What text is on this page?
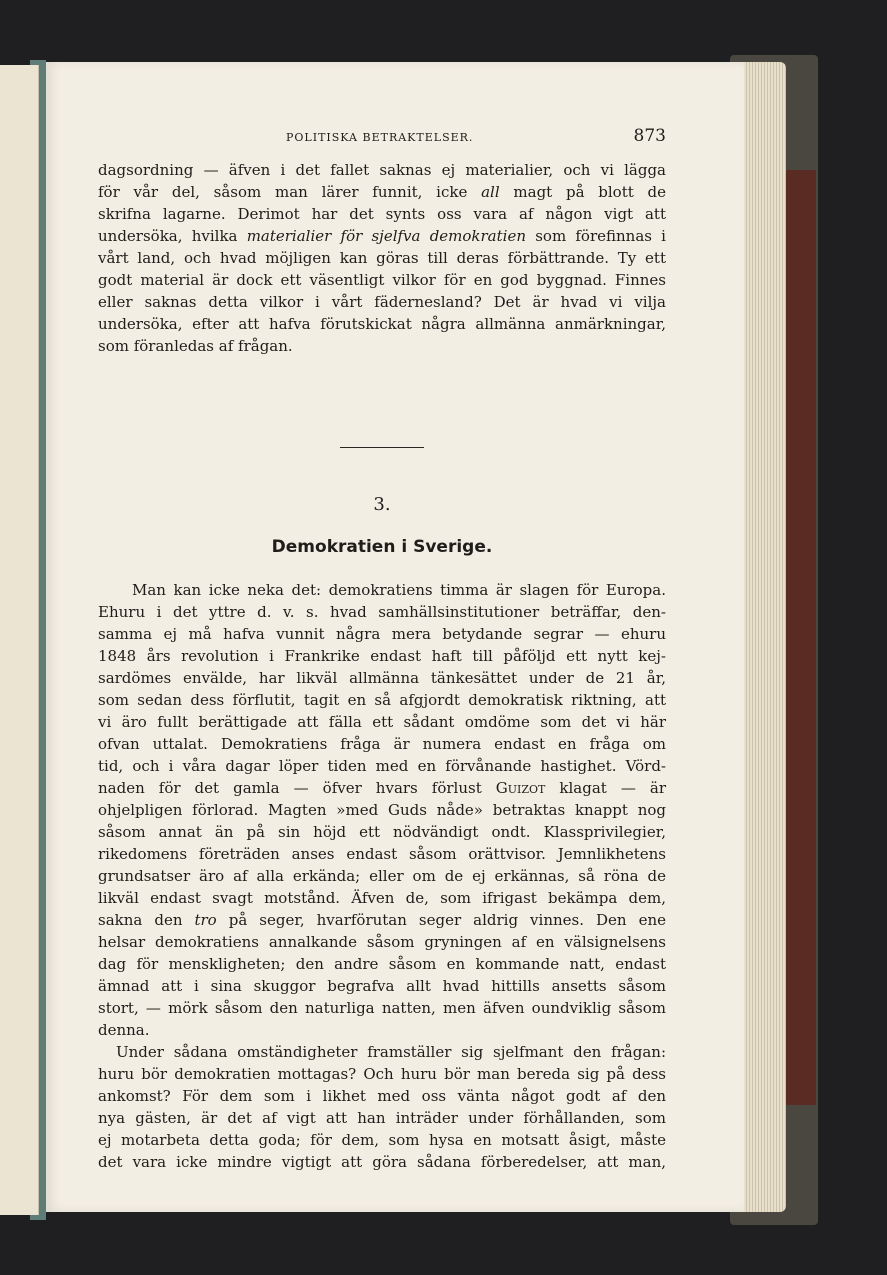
POLITISKA BETRAKTELSER.	873
dagsordning — äfven i det fallet saknas ej materialier, och vi lägga
för vår del, såsom man lärer funnit, icke all magt på blott de
skrifna lagarne. Derimot har det synts oss vara af någon vigt att
undersöka, hvilka materialier för sjelfva demokratien som förefinnas i
vårt land, och hvad möjligen kan göras till deras förbättrande. Ty ett
godt material är dock ett väsentligt vilkor för en god byggnad. Finnes
eller saknas detta vilkor i vårt fädernesland? Det är hvad vi vilja
undersöka, efter att hafva förutskickat några allmänna anmärkningar,
som föranledas af frågan.
3.
Demokratien i Sverige.
Man kan icke neka det: demokratiens timma är slagen för Europa.
Ehuru i det yttre d. v. s. hvad samhällsinstitutioner beträffar, den-
samma ej må hafva vunnit några mera betydande segrar — ehuru
1848 års revolution i Frankrike endast haft till påföljd ett nytt kej-
sardömes envälde, har likväl allmänna tänkesättet under de 21 år,
som sedan dess förflutit, tagit en så afgjordt demokratisk riktning, att
vi äro fullt berättigade att fälla ett sådant omdöme som det vi här
ofvan uttalat. Demokratiens fråga är numera endast en fråga om
tid, och i våra dagar löper tiden med en förvånande hastighet. Vörd-
naden för det gamla — öfver hvars förlust Guizot klagat — är
ohjelpligen förlorad. Magten »med Guds nåde» betraktas knappt nog
såsom annat än på sin höjd ett nödvändigt ondt. Klassprivilegier,
rikedomens företräden anses endast såsom orättvisor. Jemnlikhetens
grundsatser äro af alla erkända; eller om de ej erkännas, så röna de
likväl endast svagt motstånd. Äfven de, som ifrigast bekämpa dem,
sakna den tro på seger, hvarförutan seger aldrig vinnes. Den ene
helsar demokratiens annalkande såsom gryningen af en välsignelsens
dag för menskligheten; den andre såsom en kommande natt, endast
ämnad att i sina skuggor begrafva allt hvad hittills ansetts såsom
stort, — mörk såsom den naturliga natten, men äfven oundviklig såsom
denna.
Under sådana omständigheter framställer sig sjelfmant den frågan:
huru bör demokratien mottagas? Och huru bör man bereda sig på dess
ankomst? För dem som i likhet med oss vänta något godt af den
nya gästen, är det af vigt att han inträder under förhållanden, som
ej motarbeta detta goda; för dem, som hysa en motsatt åsigt, måste
det vara icke mindre vigtigt att göra sådana förberedelser, att man,
